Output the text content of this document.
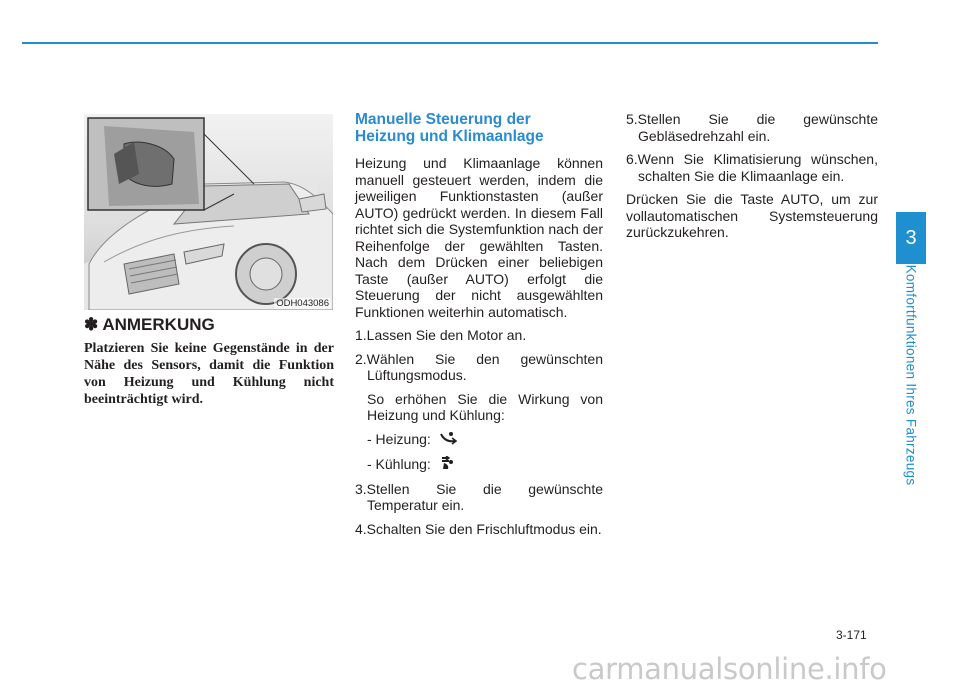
3
Komfortfunktionen Ihres Fahrzeugs
ODH043086
✽ ANMERKUNG
Platzieren Sie keine Gegenstände in der Nähe des Sensors, damit die Funktion von Heizung und Kühlung nicht beeinträchtigt wird.
Manuelle Steuerung der
Heizung und Klimaanlage

Heizung und Klimaanlage können manuell gesteuert werden, indem die jeweiligen Funktionstasten (außer AUTO) gedrückt werden. In diesem Fall richtet sich die Systemfunktion nach der Reihenfolge der gewählten Tasten. Nach dem Drücken einer beliebigen Taste (außer AUTO) erfolgt die Steuerung der nicht ausgewählten Funktionen weiterhin automatisch.

1.Lassen Sie den Motor an.

2.Wählen Sie den gewünschten Lüftungsmodus.

So erhöhen Sie die Wirkung von Heizung und Kühlung:

- Heizung:

- Kühlung:

3.Stellen Sie die gewünschte Temperatur ein.

4.Schalten Sie den Frischluftmodus ein.

5.Stellen Sie die gewünschte Gebläsedrehzahl ein.

6.Wenn Sie Klimatisierung wünschen, schalten Sie die Klimaanlage ein.

Drücken Sie die Taste AUTO, um zur vollautomatischen Systemsteuerung zurückzukehren.

3-171
carmanualsonline.info
